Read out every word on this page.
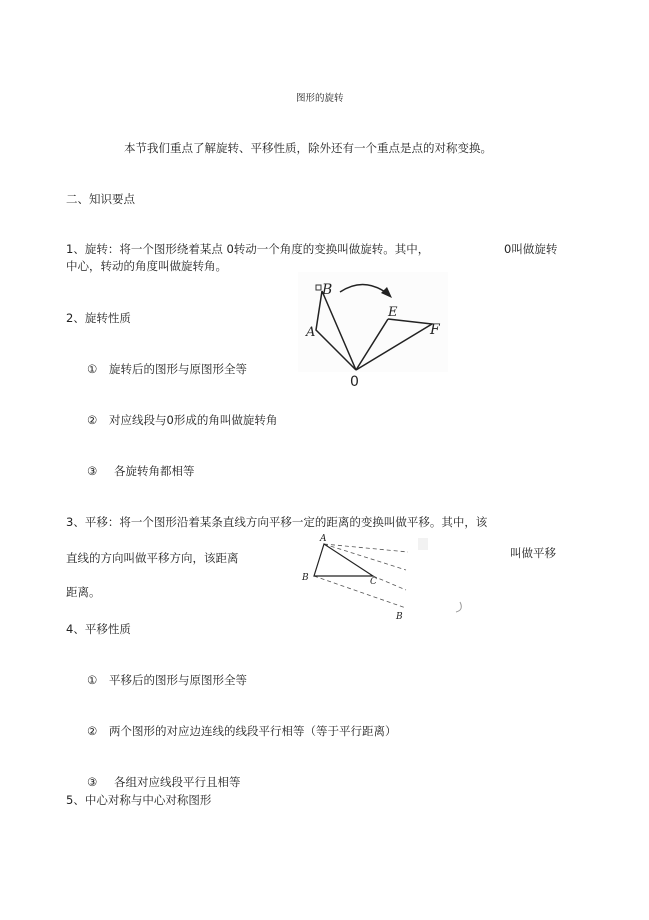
图形的旋转
本节我们重点了解旋转、平移性质，除外还有一个重点是点的对称变换。
二、知识要点
1、旋转：将一个图形绕着某点 0转动一个角度的变换叫做旋转。其中，	0叫做旋转
中心，转动的角度叫做旋转角。
2、旋转性质
① 旋转后的图形与原图形全等
② 对应线段与0形成的角叫做旋转角
③ 各旋转角都相等
A
B
E
F
0
3、平移：将一个图形沿着某条直线方向平移一定的距离的变换叫做平移。其中，该
直线的方向叫做平移方向，该距离	叫做平移
距离。
A
B	C
B
4、平移性质
① 平移后的图形与原图形全等
② 两个图形的对应边连线的线段平行相等（等于平行距离）
③ 各组对应线段平行且相等
5、中心对称与中心对称图形
